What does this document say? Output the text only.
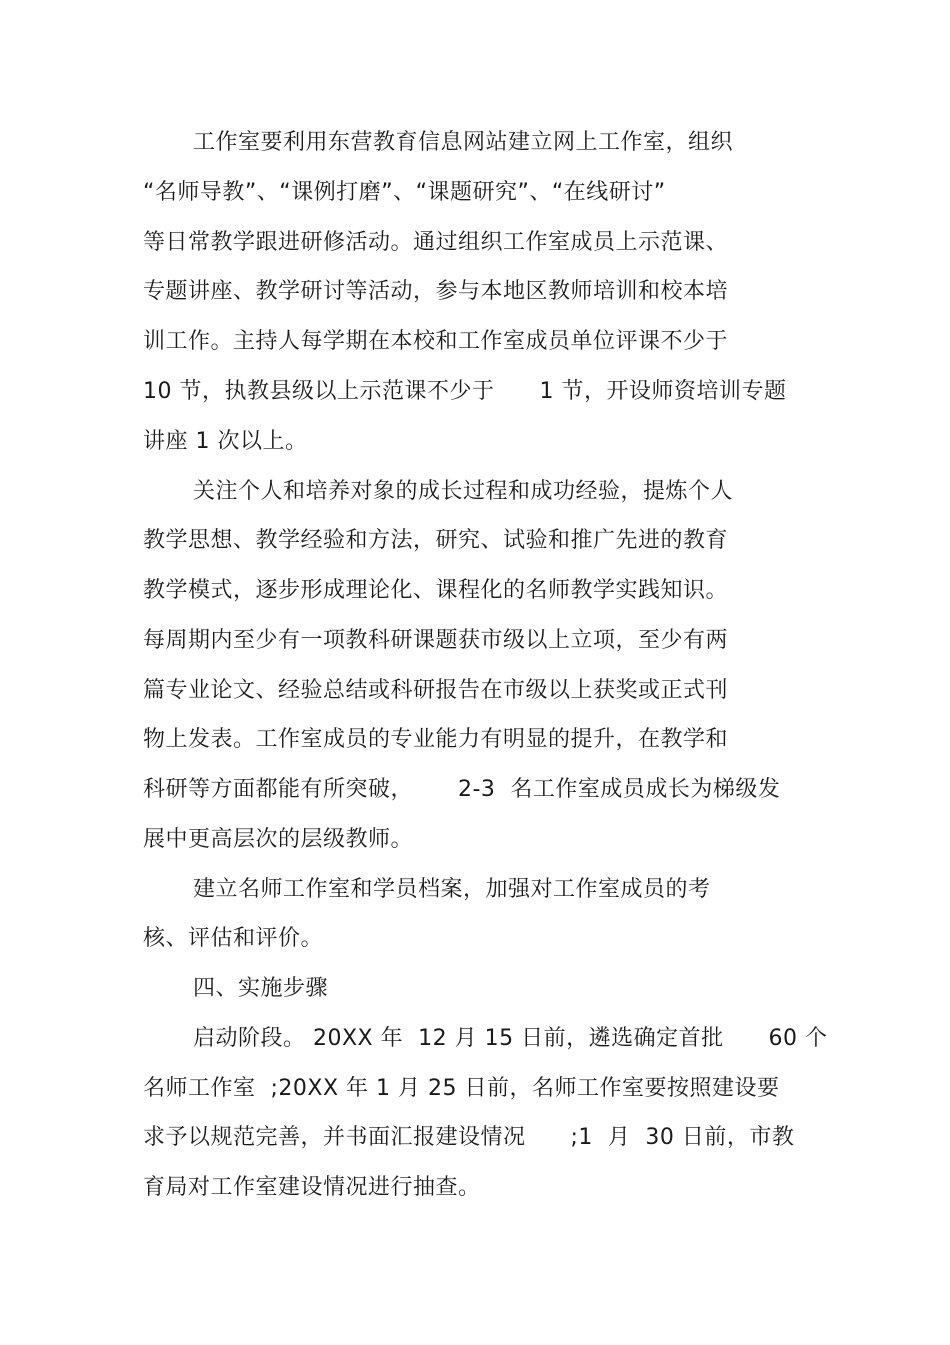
工作室要利用东营教育信息网站建立网上工作室，组织
“名师导教”、“课例打磨”、“课题研究”、“在线研讨”
等日常教学跟进研修活动。通过组织工作室成员上示范课、
专题讲座、教学研讨等活动，参与本地区教师培训和校本培
训工作。主持人每学期在本校和工作室成员单位评课不少于
10 节，执教县级以上示范课不少于      1 节，开设师资培训专题
讲座 1 次以上。
关注个人和培养对象的成长过程和成功经验，提炼个人
教学思想、教学经验和方法，研究、试验和推广先进的教育
教学模式，逐步形成理论化、课程化的名师教学实践知识。
每周期内至少有一项教科研课题获市级以上立项，至少有两
篇专业论文、经验总结或科研报告在市级以上获奖或正式刊
物上发表。工作室成员的专业能力有明显的提升，在教学和
科研等方面都能有所突破，      2-3  名工作室成员成长为梯级发
展中更高层次的层级教师。
建立名师工作室和学员档案，加强对工作室成员的考
核、评估和评价。
四、实施步骤
启动阶段。 20XX 年  12 月 15 日前，遴选确定首批      60 个
名师工作室  ;20XX 年 1 月 25 日前，名师工作室要按照建设要
求予以规范完善，并书面汇报建设情况      ;1  月  30 日前，市教
育局对工作室建设情况进行抽查。
